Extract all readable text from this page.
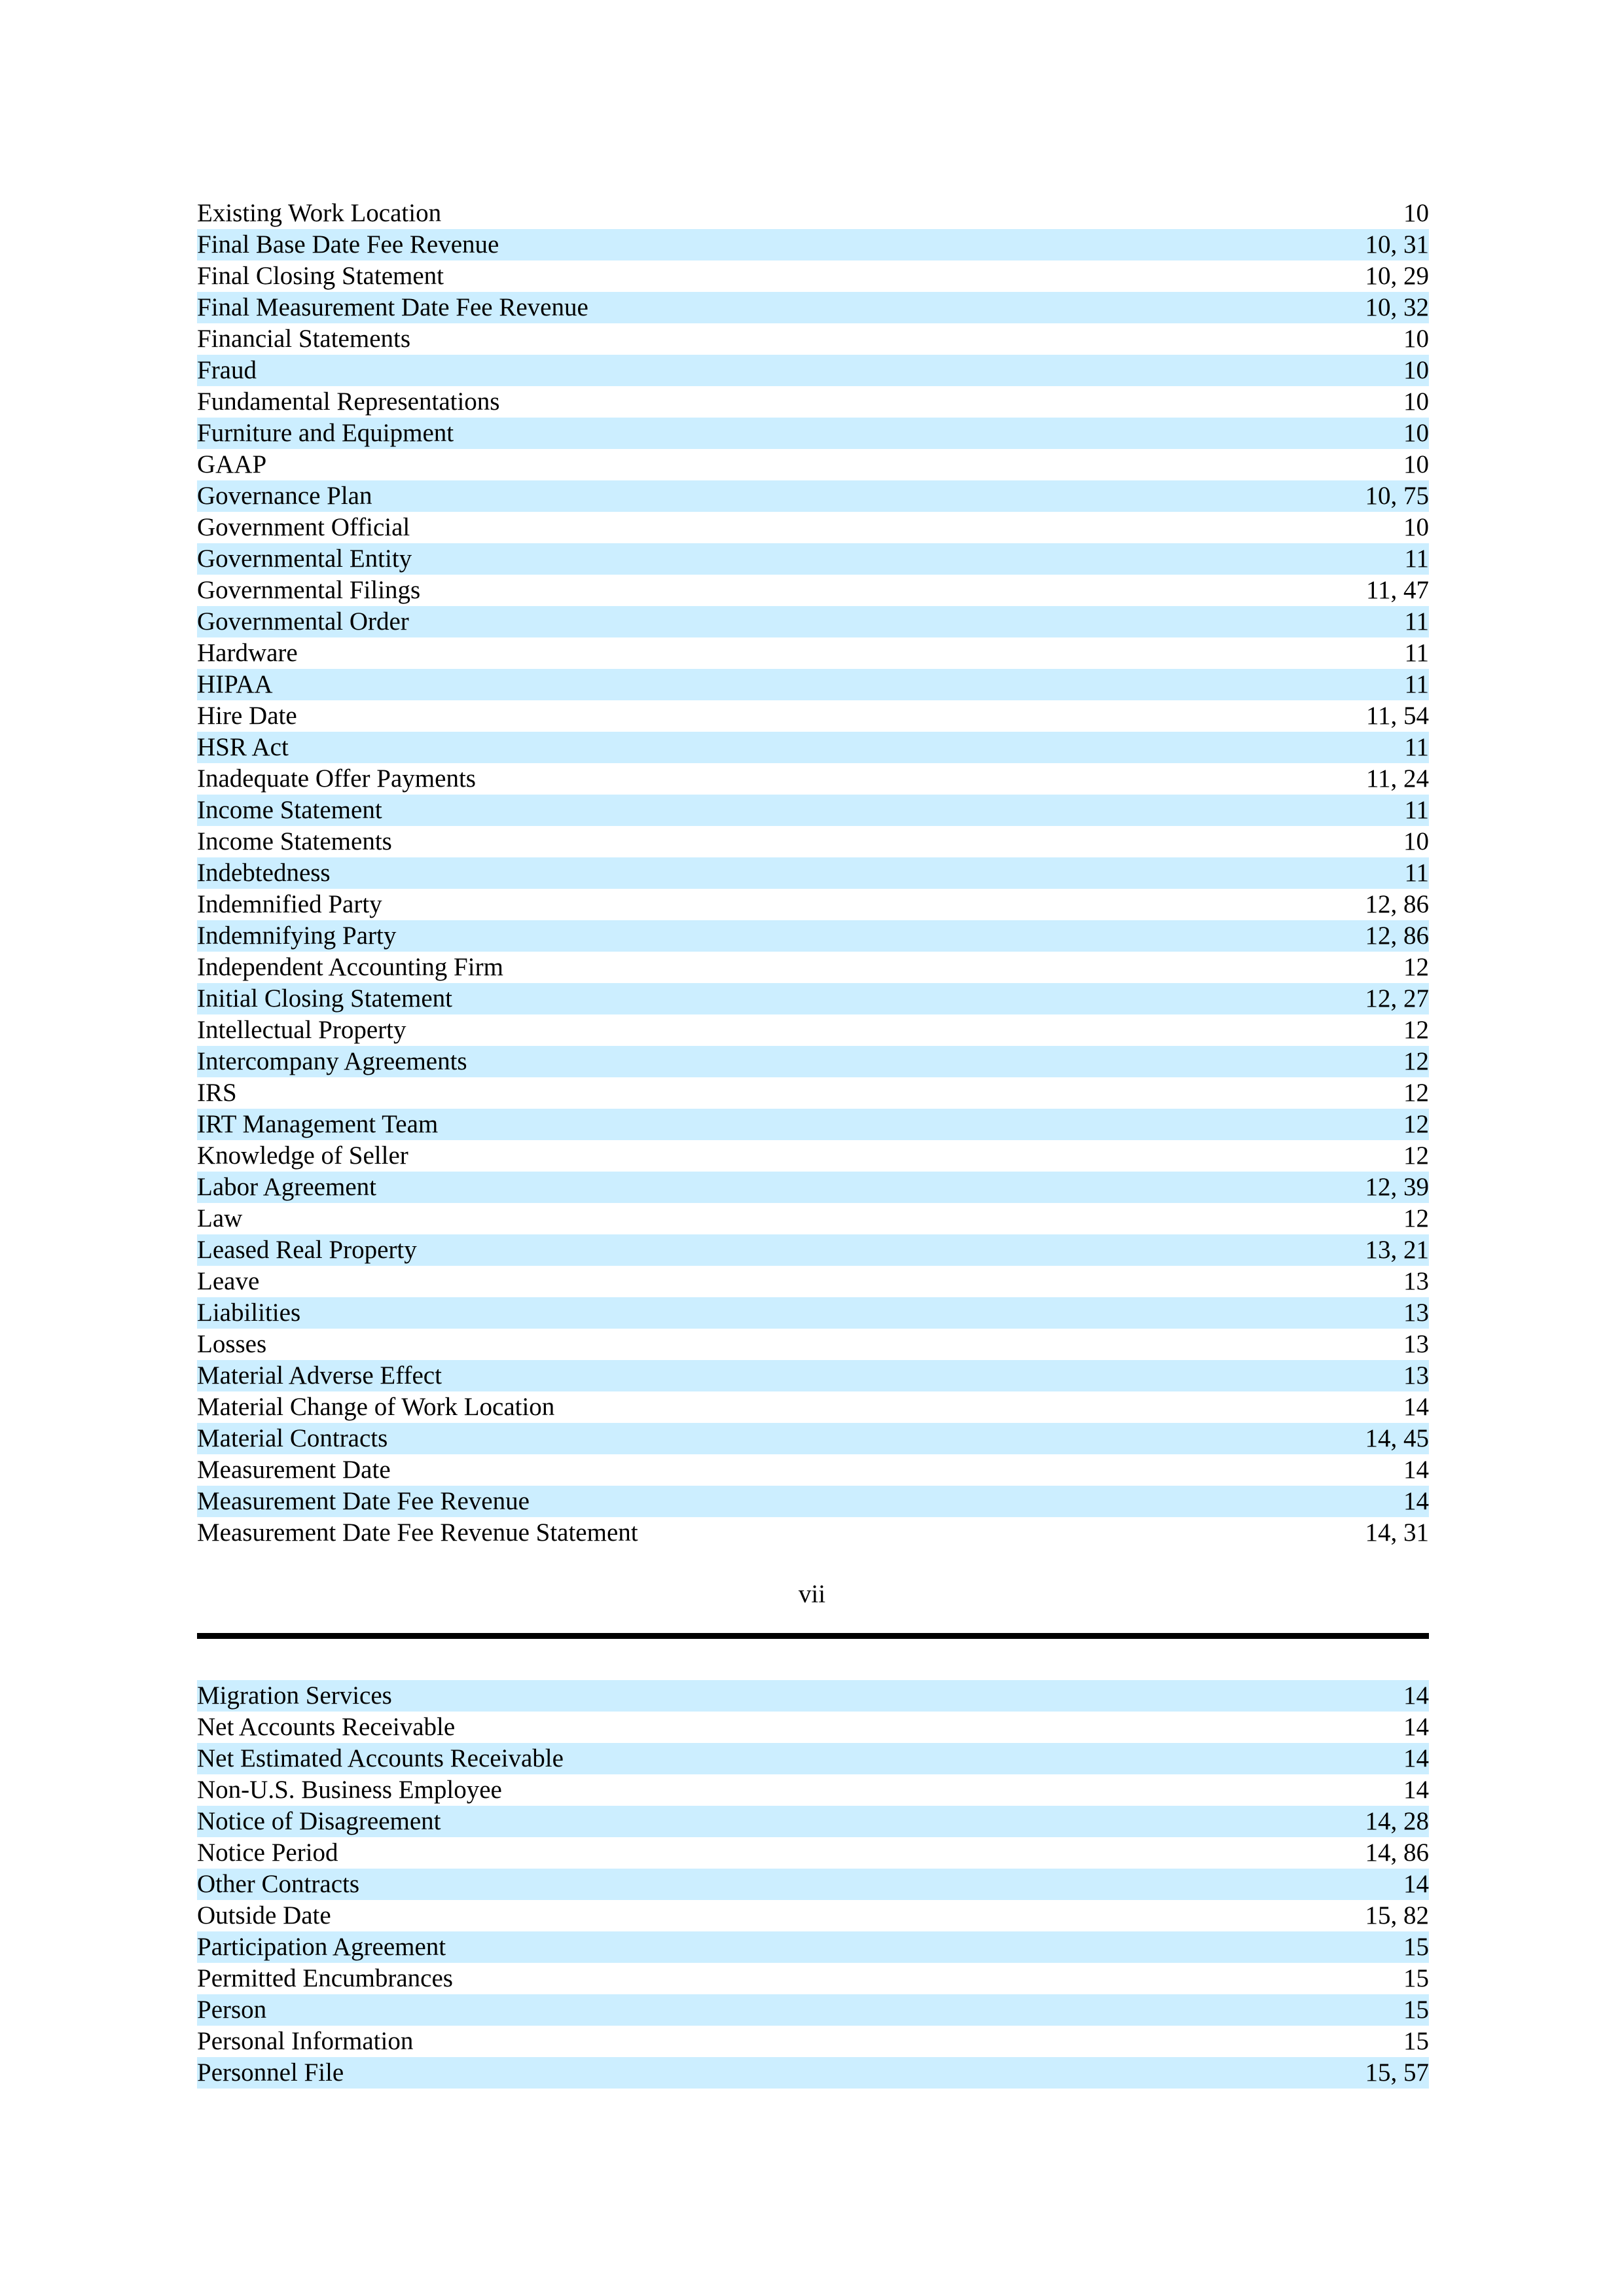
Existing Work Location	10
Final Base Date Fee Revenue	10, 31
Final Closing Statement	10, 29
Final Measurement Date Fee Revenue	10, 32
Financial Statements	10
Fraud	10
Fundamental Representations	10
Furniture and Equipment	10
GAAP	10
Governance Plan	10, 75
Government Official	10
Governmental Entity	11
Governmental Filings	11, 47
Governmental Order	11
Hardware	11
HIPAA	11
Hire Date	11, 54
HSR Act	11
Inadequate Offer Payments	11, 24
Income Statement	11
Income Statements	10
Indebtedness	11
Indemnified Party	12, 86
Indemnifying Party	12, 86
Independent Accounting Firm	12
Initial Closing Statement	12, 27
Intellectual Property	12
Intercompany Agreements	12
IRS	12
IRT Management Team	12
Knowledge of Seller	12
Labor Agreement	12, 39
Law	12
Leased Real Property	13, 21
Leave	13
Liabilities	13
Losses	13
Material Adverse Effect	13
Material Change of Work Location	14
Material Contracts	14, 45
Measurement Date	14
Measurement Date Fee Revenue	14
Measurement Date Fee Revenue Statement	14, 31
vii
Migration Services	14
Net Accounts Receivable	14
Net Estimated Accounts Receivable	14
Non-U.S. Business Employee	14
Notice of Disagreement	14, 28
Notice Period	14, 86
Other Contracts	14
Outside Date	15, 82
Participation Agreement	15
Permitted Encumbrances	15
Person	15
Personal Information	15
Personnel File	15, 57
